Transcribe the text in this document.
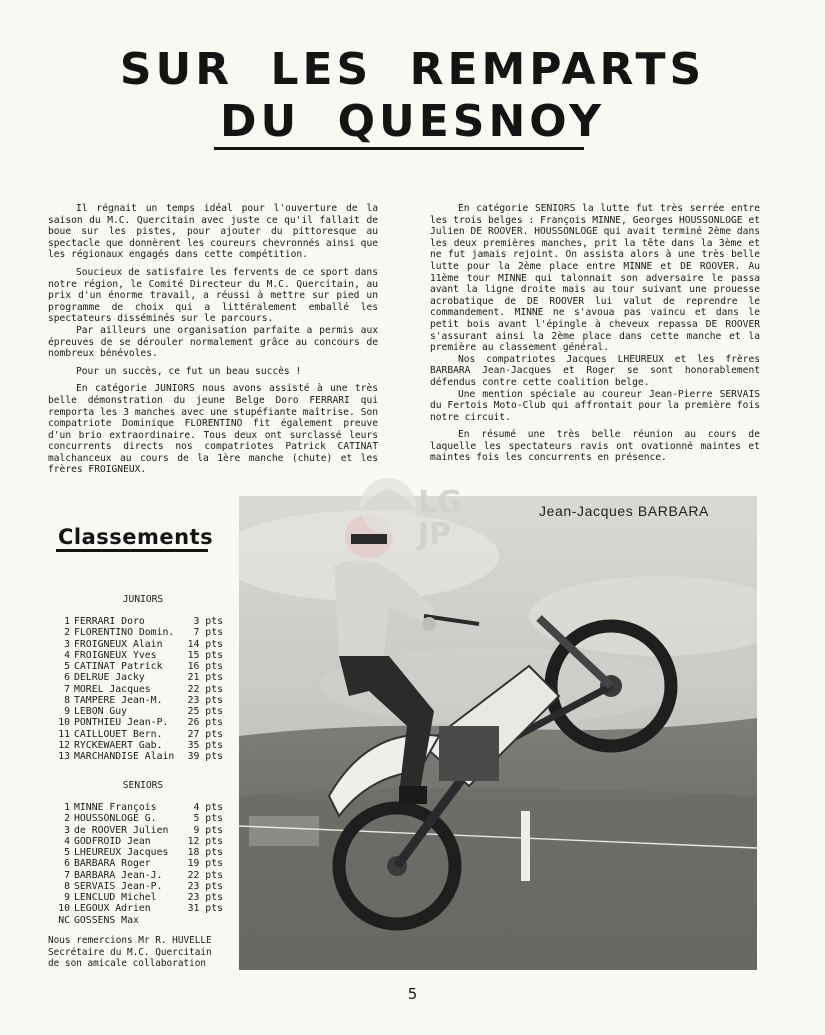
SUR LES REMPARTS
DU QUESNOY

Il régnait un temps idéal pour l'ouverture de la saison du M.C. Quercitain avec juste ce qu'il fallait de boue sur les pistes, pour ajouter du pittoresque au spectacle que donnèrent les coureurs chevronnés ainsi que les régionaux engagés dans cette compétition.

Soucieux de satisfaire les fervents de ce sport dans notre région, le Comité Directeur du M.C. Quercitain, au prix d'un énorme travail, a réussi à mettre sur pied un programme de choix qui a littéralement emballé les spectateurs disséminés sur le parcours.

Par ailleurs une organisation parfaite a permis aux épreuves de se dérouler normalement grâce au concours de nombreux bénévoles.

Pour un succès, ce fut un beau succès !

En catégorie JUNIORS nous avons assisté à une très belle démonstration du jeune Belge Doro FERRARI qui remporta les 3 manches avec une stupéfiante maîtrise. Son compatriote Dominique FLORENTINO fit également preuve d'un brio extraordinaire. Tous deux ont surclassé leurs concurrents directs nos compatriotes Patrick CATINAT malchanceux au cours de la 1ère manche (chute) et les frères FROIGNEUX.

En catégorie SENIORS la lutte fut très serrée entre les trois belges : François MINNE, Georges HOUSSONLOGE et Julien DE ROOVER. HOUSSONLOGE qui avait terminé 2ème dans les deux premières manches, prit la tête dans la 3ème et ne fut jamais rejoint. On assista alors à une très belle lutte pour la 2ème place entre MINNE et DE ROOVER. Au 11ème tour MINNE qui talonnait son adversaire le passa avant la ligne droite mais au tour suivant une prouesse acrobatique de DE ROOVER lui valut de reprendre le commandement. MINNE ne s'avoua pas vaincu et dans le petit bois avant l'épingle à cheveux repassa DE ROOVER s'assurant ainsi la 2ème place dans cette manche et la première au classement général.

Nos compatriotes Jacques LHEUREUX et les frères BARBARA Jean-Jacques et Roger se sont honorablement défendus contre cette coalition belge.

Une mention spéciale au coureur Jean-Pierre SERVAIS du Fertois Moto-Club qui affrontait pour la première fois notre circuit.

En résumé une très belle réunion au cours de laquelle les spectateurs ravis ont ovationné maintes et maintes fois les concurrents en présence.

Classements
JUNIORS
1 FERRARI Doro	3 pts
2 FLORENTINO Domin.	7 pts
3 FROIGNEUX Alain	14 pts
4 FROIGNEUX Yves	15 pts
5 CATINAT Patrick	16 pts
6 DELRUE Jacky	21 pts
7 MOREL Jacques	22 pts
8 TAMPERE Jean-M.	23 pts
9 LEBON Guy	25 pts
10 PONTHIEU Jean-P.	26 pts
11 CAILLOUET Bern.	27 pts
12 RYCKEWAERT Gab.	35 pts
13 MARCHANDISE Alain	39 pts
SENIORS
1 MINNE François	4 pts
2 HOUSSONLOGE G.	5 pts
3 de ROOVER Julien	9 pts
4 GODFROID Jean	12 pts
5 LHEUREUX Jacques	18 pts
6 BARBARA Roger	19 pts
7 BARBARA Jean-J.	22 pts
8 SERVAIS Jean-P.	23 pts
9 LENCLUD Michel	23 pts
10 LEGOUX Adrien	31 pts
NC GOSSENS Max
Nous remercions Mr R. HUVELLE Secrétaire du M.C. Quercitain de son amicale collaboration
Jean-Jacques BARBARA
LG JP
5
